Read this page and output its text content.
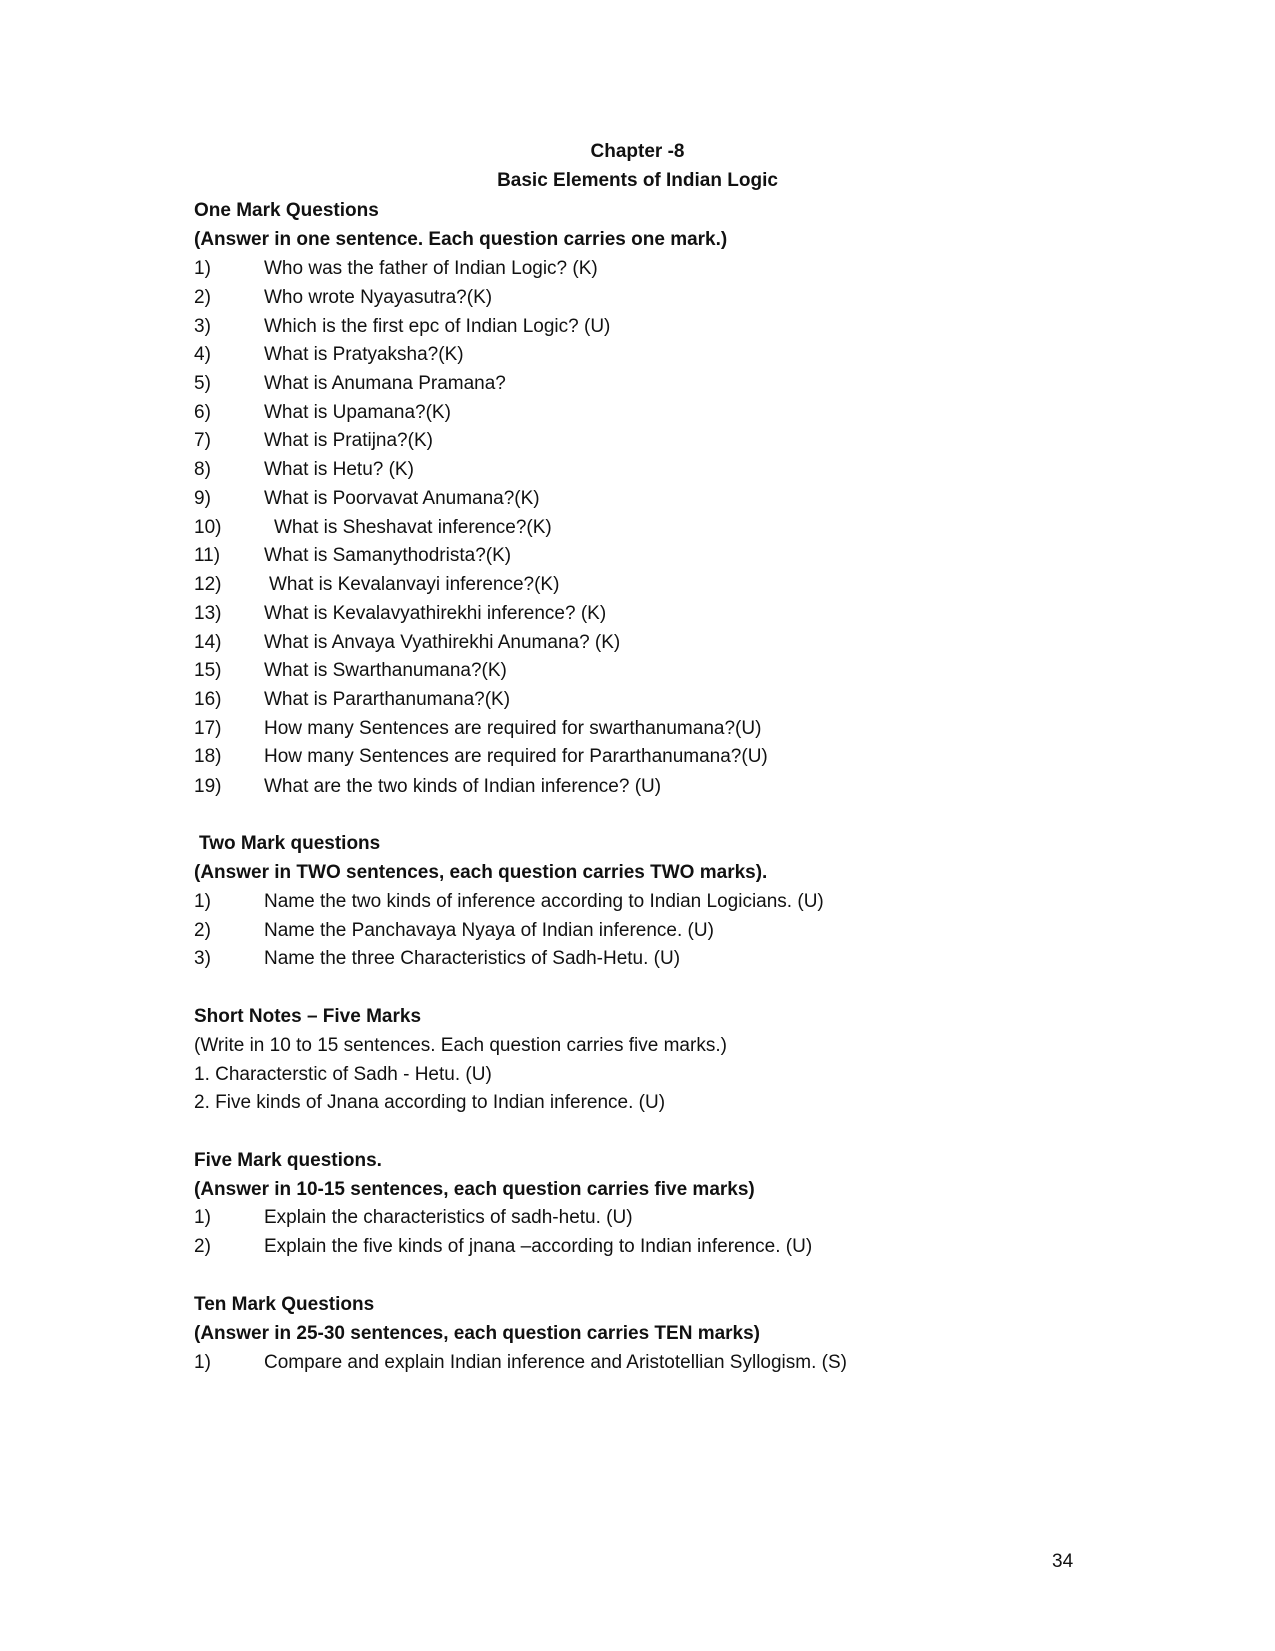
Chapter -8
Basic Elements of Indian Logic
One Mark Questions
(Answer in one sentence. Each question carries one mark.)
1)	Who was the father of Indian Logic? (K)
2)	Who wrote Nyayasutra?(K)
3)	Which is the first epc of Indian Logic? (U)
4)	What is Pratyaksha?(K)
5)	What is Anumana Pramana?
6)	What is Upamana?(K)
7)	What is Pratijna?(K)
8)	What is Hetu? (K)
9)	What is Poorvavat Anumana?(K)
10)	What is Sheshavat inference?(K)
11) What is Samanythodrista?(K)
12)	What is Kevalanvayi inference?(K)
13) What is Kevalavyathirekhi inference? (K)
14) What is Anvaya Vyathirekhi Anumana? (K)
15) What is Swarthanumana?(K)
16) What is Pararthanumana?(K)
17) How many Sentences are required for swarthanumana?(U)
18) How many Sentences are required for Pararthanumana?(U)
19) What are the two kinds of Indian inference? (U)
Two Mark questions
(Answer in TWO sentences, each question carries TWO marks).
1)	Name the two kinds of inference according to Indian Logicians. (U)
2)	Name the Panchavaya Nyaya of Indian inference. (U)
3)	Name the three Characteristics of Sadh-Hetu. (U)
Short Notes – Five Marks
(Write in 10 to 15 sentences. Each question carries five marks.)
1. Characterstic of Sadh - Hetu. (U)
2. Five kinds of Jnana according to Indian inference. (U)
Five Mark questions.
(Answer in 10-15 sentences, each question carries five marks)
1)	Explain the characteristics of sadh-hetu. (U)
2)	Explain the five kinds of jnana –according to Indian inference. (U)
Ten Mark Questions
(Answer in 25-30 sentences, each question carries TEN marks)
1)	Compare and explain Indian inference and Aristotellian Syllogism. (S)
34
